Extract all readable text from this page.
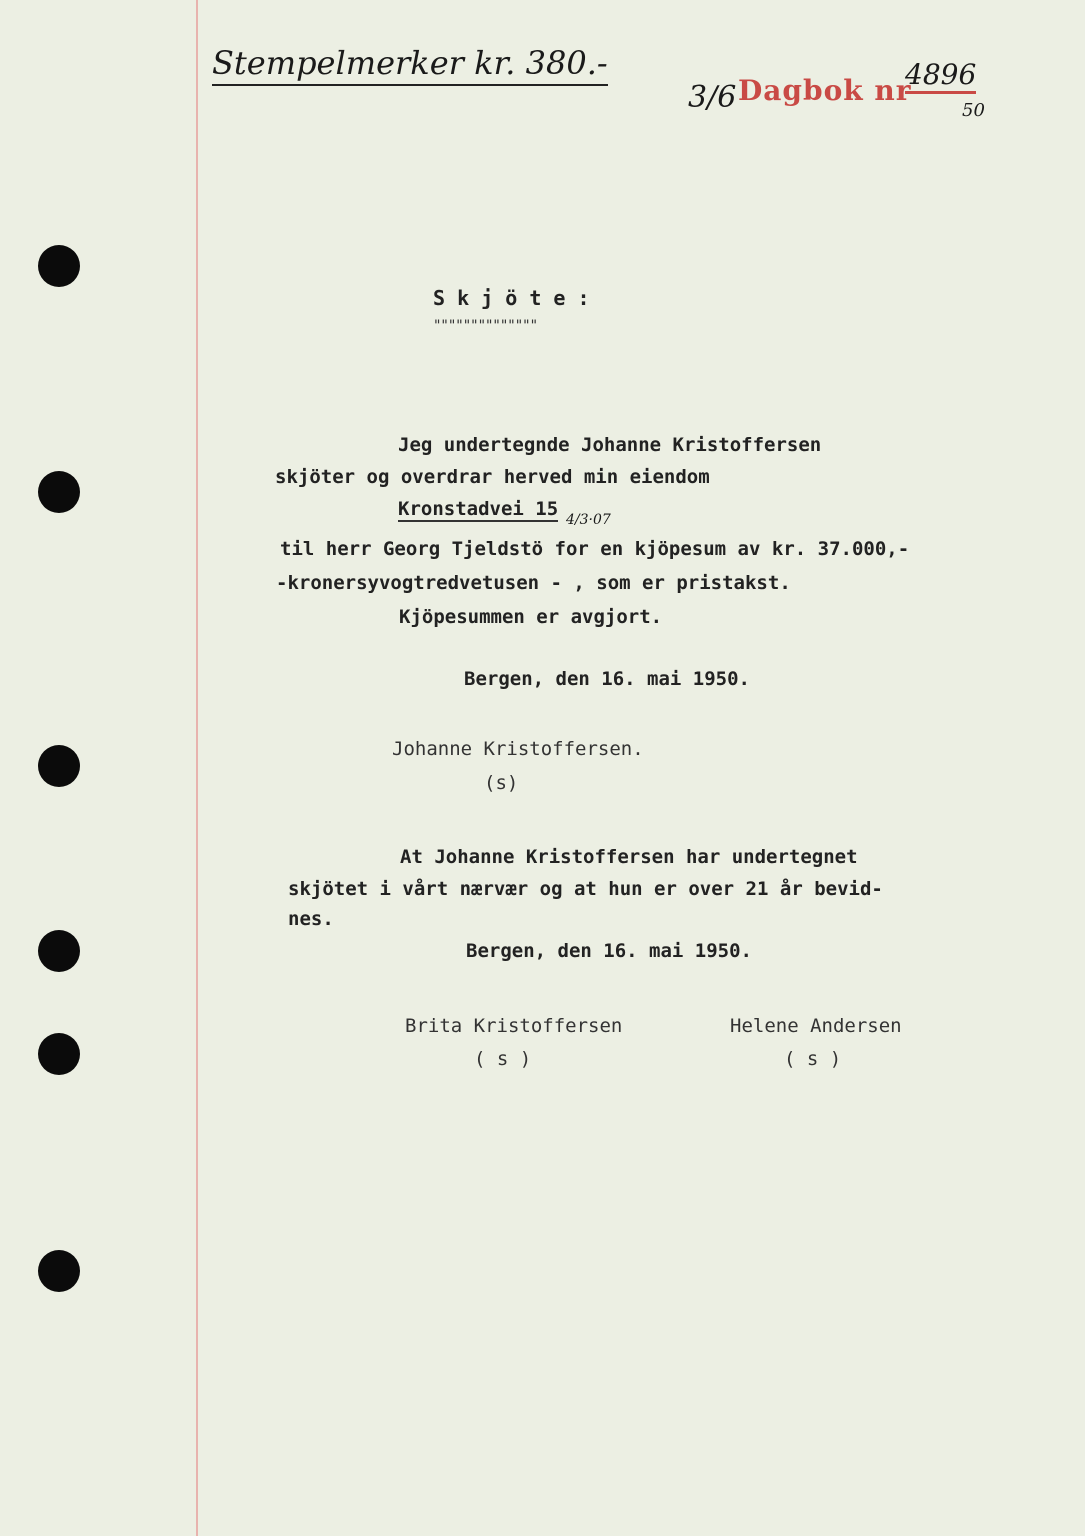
Stempelmerker kr. 380.-
3/6 Dagbok nr
4896
50
S k j ö t e :
""""""""""""""
Jeg undertegnde Johanne Kristoffersen
skjöter og overdrar herved min eiendom
Kronstadvei 15 4/3·07
til herr Georg Tjeldstö for en kjöpesum av kr. 37.000,-
-kronersyvogtredvetusen - , som er pristakst.
Kjöpesummen er avgjort.
Bergen, den 16. mai 1950.
Johanne Kristoffersen.
(s)
At Johanne Kristoffersen har undertegnet
skjötet i vårt nærvær og at hun er over 21 år bevid-
nes.
Bergen, den 16. mai 1950.
Brita Kristoffersen
( s )
Helene Andersen
( s )
